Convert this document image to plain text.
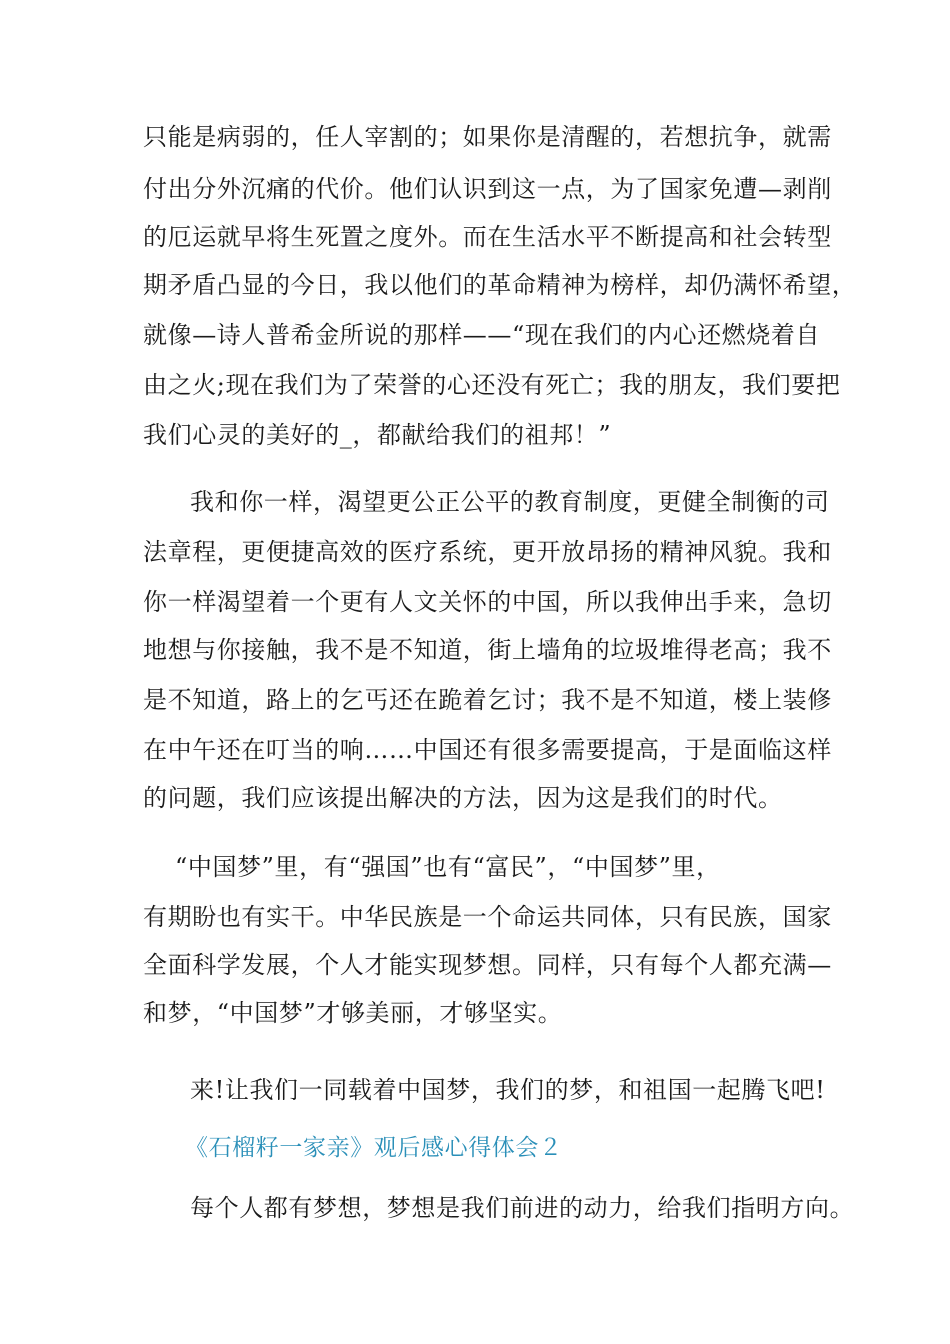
只能是病弱的，任人宰割的；如果你是清醒的，若想抗争，就需
付出分外沉痛的代价。他们认识到这一点，为了国家免遭—剥削
的厄运就早将生死置之度外。而在生活水平不断提高和社会转型
期矛盾凸显的今日，我以他们的革命精神为榜样，却仍满怀希望，
就像—诗人普希金所说的那样——“现在我们的内心还燃烧着自
由之火;现在我们为了荣誉的心还没有死亡；我的朋友，我们要把
我们心灵的美好的_，都献给我们的祖邦！”
我和你一样，渴望更公正公平的教育制度，更健全制衡的司
法章程，更便捷高效的医疗系统，更开放昂扬的精神风貌。我和
你一样渴望着一个更有人文关怀的中国，所以我伸出手来，急切
地想与你接触，我不是不知道，街上墙角的垃圾堆得老高；我不
是不知道，路上的乞丐还在跪着乞讨；我不是不知道，楼上装修
在中午还在叮当的响……中国还有很多需要提高，于是面临这样
的问题，我们应该提出解决的方法，因为这是我们的时代。
“中国梦”里，有“强国”也有“富民”，“中国梦”里，
有期盼也有实干。中华民族是一个命运共同体，只有民族，国家
全面科学发展，个人才能实现梦想。同样，只有每个人都充满—
和梦，“中国梦”才够美丽，才够坚实。
来!让我们一同载着中国梦，我们的梦，和祖国一起腾飞吧!
《石榴籽一家亲》观后感心得体会２
每个人都有梦想，梦想是我们前进的动力，给我们指明方向。
